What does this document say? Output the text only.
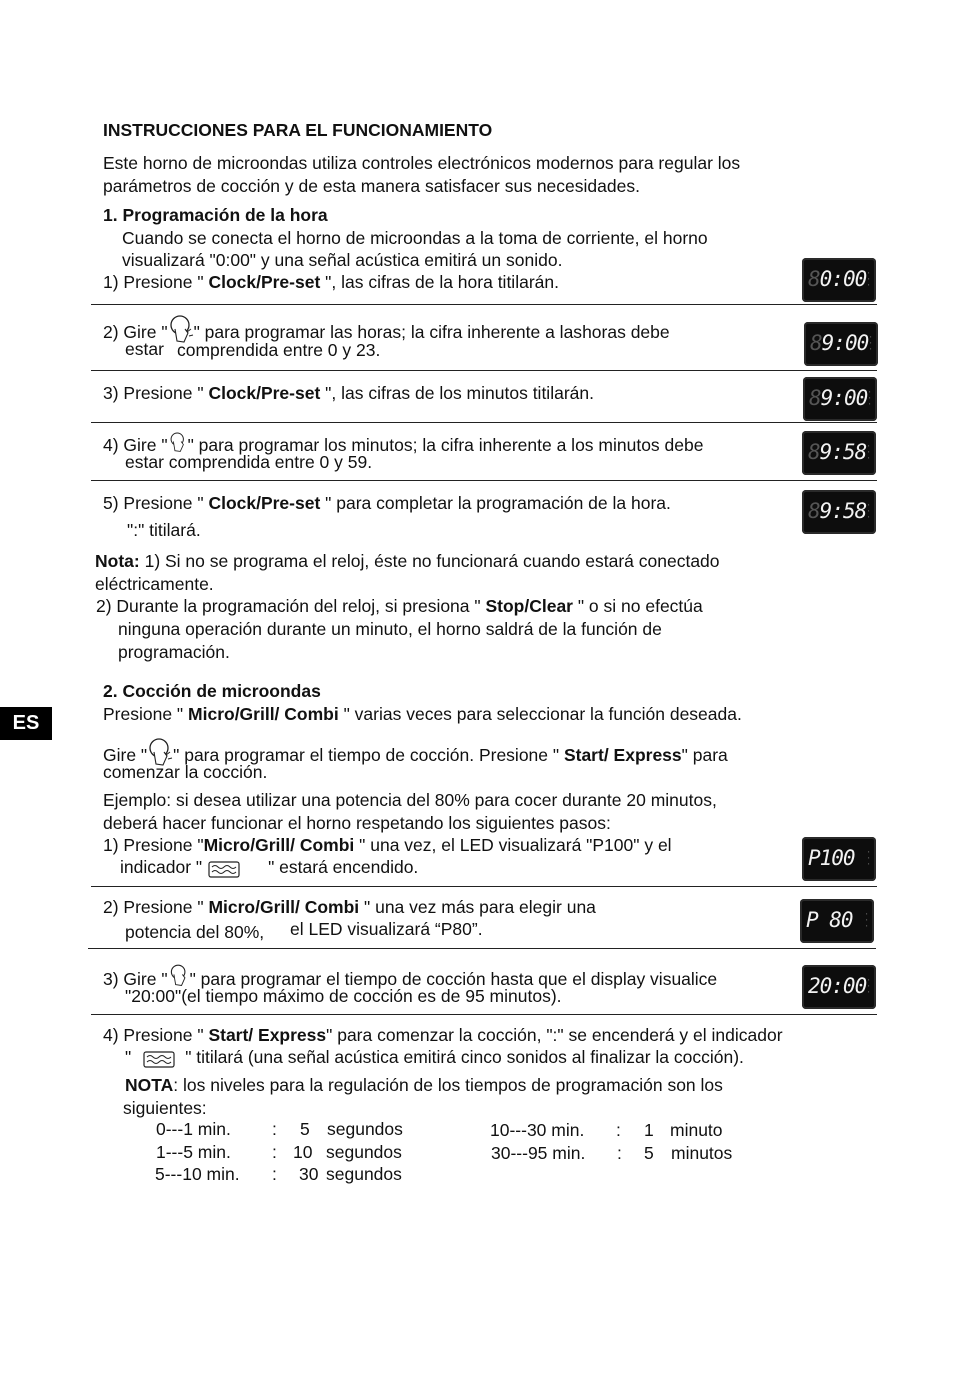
ES
INSTRUCCIONES PARA EL FUNCIONAMIENTO
Este horno de microondas utiliza controles electrónicos modernos para regular los
parámetros de cocción y de esta manera satisfacer sus necesidades.
1. Programación de la hora
Cuando se conecta el horno de microondas a la toma de corriente, el horno
visualizará "0:00" y una señal acústica emitirá un sonido.
1) Presione " Clock/Pre-set ", las cifras de la hora titilarán.
2) Gire " " para programar las horas; la cifra inherente a lashoras debe
estar comprendida entre 0 y 23.
3) Presione " Clock/Pre-set ", las cifras de los minutos titilarán.
4) Gire " " para programar los minutos; la cifra inherente a los minutos debe
estar comprendida entre 0 y 59.
5) Presione " Clock/Pre-set " para completar la programación de la hora.
":" titilará.
Nota: 1) Si no se programa el reloj, éste no funcionará cuando estará conectado
eléctricamente.
2) Durante la programación del reloj, si presiona " Stop/Clear " o si no efectúa
ninguna operación durante un minuto, el horno saldrá de la función de
programación.
2. Cocción de microondas
Presione " Micro/Grill/ Combi " varias veces para seleccionar la función deseada.
Gire " " para programar el tiempo de cocción. Presione " Start/ Express" para
comenzar la cocción.
Ejemplo: si desea utilizar una potencia del 80% para cocer durante 20 minutos,
deberá hacer funcionar el horno respetando los siguientes pasos:
1) Presione "Micro/Grill/ Combi " una vez, el LED visualizará "P100" y el
indicador "	" estará encendido.
2) Presione " Micro/Grill/ Combi " una vez más para elegir una
potencia del 80%, el LED visualizará “P80”.
3) Gire " " para programar el tiempo de cocción hasta que el display visualice
"20:00"(el tiempo máximo de cocción es de 95 minutos).
4) Presione " Start/ Express" para comenzar la cocción, ":" se encenderá y el indicador
"	" titilará (una señal acústica emitirá cinco sonidos al finalizar la cocción).
NOTA: los niveles para la regulación de los tiempos de programación son los
siguientes:
0---1 min. : 5 segundos
1---5 min. : 10 segundos
5---10 min. : 30 segundos
10---30 min. : 1 minuto
30---95 min. : 5 minutos
80:00 ▪
▪
▪
89:00 ▪
▪
▪
89:00 ▪
▪
▪
89:58 ▪
▪
▪
89:58 ▪
▪
▪
P100	▪
▪
▪
P 80	▪
▪
▪
20:00 ▪
▪
▪
